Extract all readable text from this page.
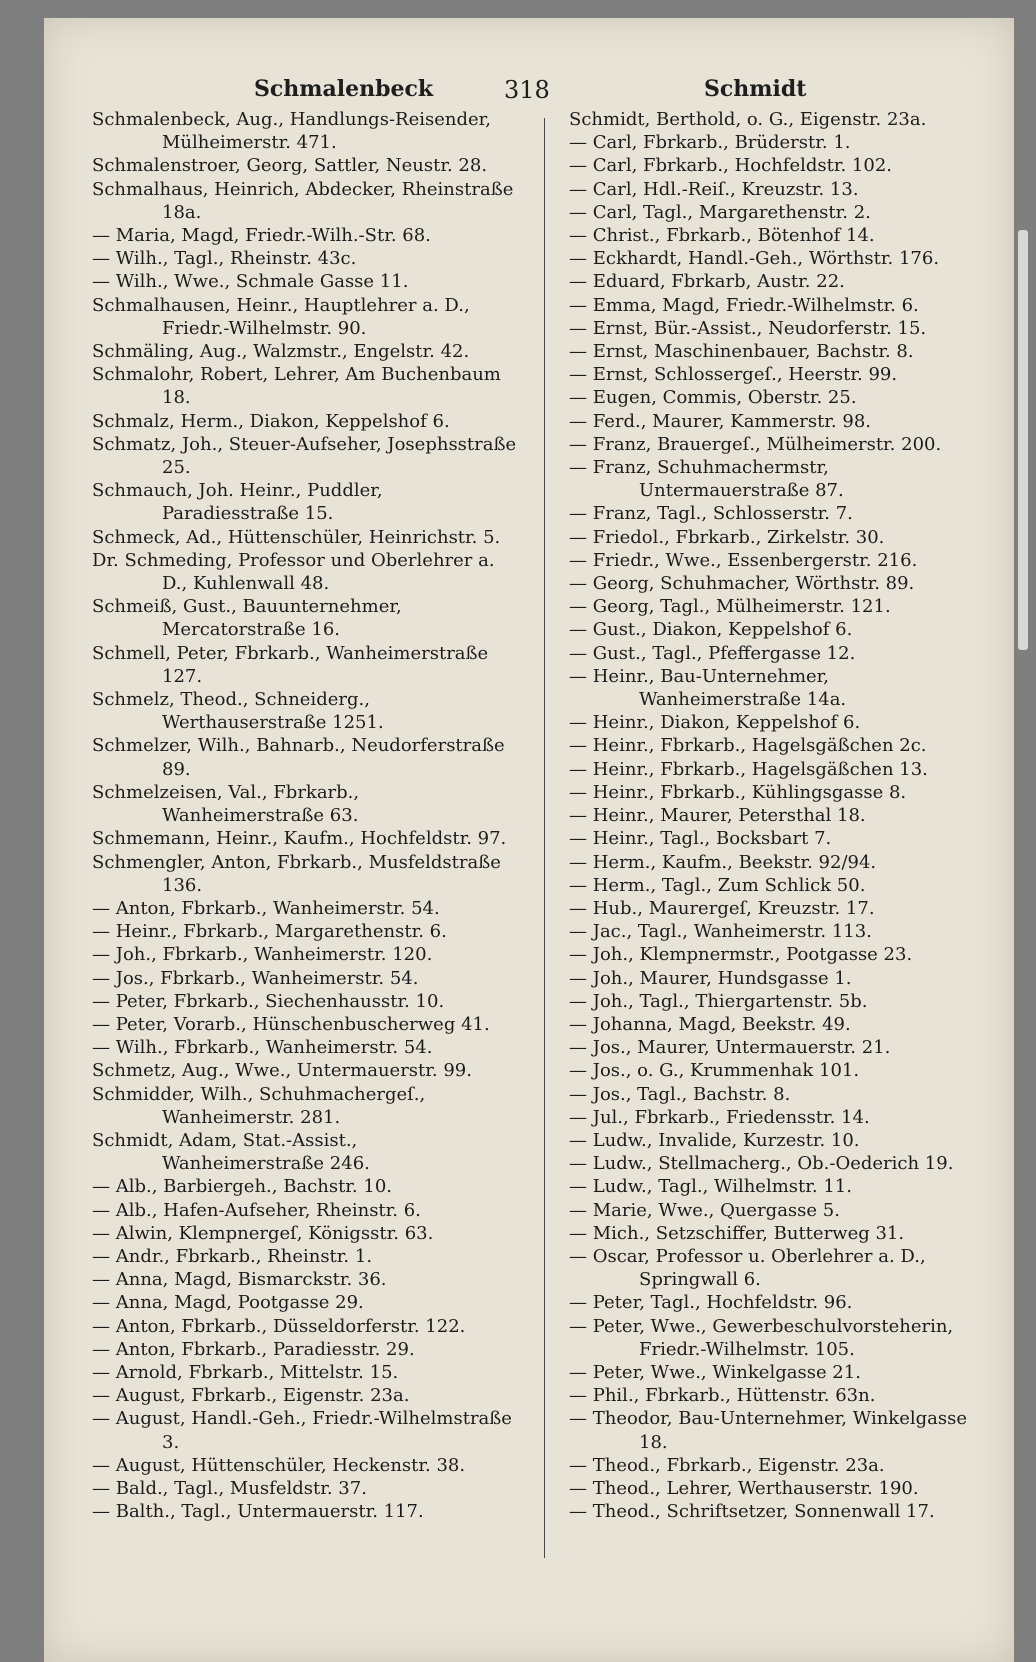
Schmalenbeck	318	Schmidt
Schmalenbeck, Aug., Handlungs-Reisender, Mülheimerstr. 471.
Schmalenstroer, Georg, Sattler, Neustr. 28.
Schmalhaus, Heinrich, Abdecker, Rheinstraße 18a.
— Maria, Magd, Friedr.-Wilh.-Str. 68.
— Wilh., Tagl., Rheinstr. 43c.
— Wilh., Wwe., Schmale Gasse 11.
Schmalhausen, Heinr., Hauptlehrer a. D., Friedr.-Wilhelmstr. 90.
Schmäling, Aug., Walzmstr., Engelstr. 42.
Schmalohr, Robert, Lehrer, Am Buchenbaum 18.
Schmalz, Herm., Diakon, Keppelshof 6.
Schmatz, Joh., Steuer-Aufseher, Josephsstraße 25.
Schmauch, Joh. Heinr., Puddler, Paradiesstraße 15.
Schmeck, Ad., Hüttenschüler, Heinrichstr. 5.
Dr. Schmeding, Professor und Oberlehrer a. D., Kuhlenwall 48.
Schmeiß, Gust., Bauunternehmer, Mercatorstraße 16.
Schmell, Peter, Fbrkarb., Wanheimerstraße 127.
Schmelz, Theod., Schneiderg., Werthauserstraße 1251.
Schmelzer, Wilh., Bahnarb., Neudorferstraße 89.
Schmelzeisen, Val., Fbrkarb., Wanheimerstraße 63.
Schmemann, Heinr., Kaufm., Hochfeldstr. 97.
Schmengler, Anton, Fbrkarb., Musfeldstraße 136.
— Anton, Fbrkarb., Wanheimerstr. 54.
— Heinr., Fbrkarb., Margarethenstr. 6.
— Joh., Fbrkarb., Wanheimerstr. 120.
— Jos., Fbrkarb., Wanheimerstr. 54.
— Peter, Fbrkarb., Siechenhausstr. 10.
— Peter, Vorarb., Hünschenbuscherweg 41.
— Wilh., Fbrkarb., Wanheimerstr. 54.
Schmetz, Aug., Wwe., Untermauerstr. 99.
Schmidder, Wilh., Schuhmachergeſ., Wanheimerstr. 281.
Schmidt, Adam, Stat.-Assist., Wanheimerstraße 246.
— Alb., Barbiergeh., Bachstr. 10.
— Alb., Hafen-Aufseher, Rheinstr. 6.
— Alwin, Klempnergeſ, Königsstr. 63.
— Andr., Fbrkarb., Rheinstr. 1.
— Anna, Magd, Bismarckstr. 36.
— Anna, Magd, Pootgasse 29.
— Anton, Fbrkarb., Düsseldorferstr. 122.
— Anton, Fbrkarb., Paradiesstr. 29.
— Arnold, Fbrkarb., Mittelstr. 15.
— August, Fbrkarb., Eigenstr. 23a.
— August, Handl.-Geh., Friedr.-Wilhelmstraße 3.
— August, Hüttenschüler, Heckenstr. 38.
— Bald., Tagl., Musfeldstr. 37.
— Balth., Tagl., Untermauerstr. 117.
Schmidt, Berthold, o. G., Eigenstr. 23a.
— Carl, Fbrkarb., Brüderstr. 1.
— Carl, Fbrkarb., Hochfeldstr. 102.
— Carl, Hdl.-Reiſ., Kreuzstr. 13.
— Carl, Tagl., Margarethenstr. 2.
— Christ., Fbrkarb., Bötenhof 14.
— Eckhardt, Handl.-Geh., Wörthstr. 176.
— Eduard, Fbrkarb, Austr. 22.
— Emma, Magd, Friedr.-Wilhelmstr. 6.
— Ernst, Bür.-Assist., Neudorferstr. 15.
— Ernst, Maschinenbauer, Bachstr. 8.
— Ernst, Schlossergeſ., Heerstr. 99.
— Eugen, Commis, Oberstr. 25.
— Ferd., Maurer, Kammerstr. 98.
— Franz, Brauergeſ., Mülheimerstr. 200.
— Franz, Schuhmachermstr, Untermauerstraße 87.
— Franz, Tagl., Schlosserstr. 7.
— Friedol., Fbrkarb., Zirkelstr. 30.
— Friedr., Wwe., Essenbergerstr. 216.
— Georg, Schuhmacher, Wörthstr. 89.
— Georg, Tagl., Mülheimerstr. 121.
— Gust., Diakon, Keppelshof 6.
— Gust., Tagl., Pfeffergasse 12.
— Heinr., Bau-Unternehmer, Wanheimerstraße 14a.
— Heinr., Diakon, Keppelshof 6.
— Heinr., Fbrkarb., Hagelsgäßchen 2c.
— Heinr., Fbrkarb., Hagelsgäßchen 13.
— Heinr., Fbrkarb., Kühlingsgasse 8.
— Heinr., Maurer, Petersthal 18.
— Heinr., Tagl., Bocksbart 7.
— Herm., Kaufm., Beekstr. 92/94.
— Herm., Tagl., Zum Schlick 50.
— Hub., Maurergeſ, Kreuzstr. 17.
— Jac., Tagl., Wanheimerstr. 113.
— Joh., Klempnermstr., Pootgasse 23.
— Joh., Maurer, Hundsgasse 1.
— Joh., Tagl., Thiergartenstr. 5b.
— Johanna, Magd, Beekstr. 49.
— Jos., Maurer, Untermauerstr. 21.
— Jos., o. G., Krummenhak 101.
— Jos., Tagl., Bachstr. 8.
— Jul., Fbrkarb., Friedensstr. 14.
— Ludw., Invalide, Kurzestr. 10.
— Ludw., Stellmacherg., Ob.-Oederich 19.
— Ludw., Tagl., Wilhelmstr. 11.
— Marie, Wwe., Quergasse 5.
— Mich., Setzschiffer, Butterweg 31.
— Oscar, Professor u. Oberlehrer a. D., Springwall 6.
— Peter, Tagl., Hochfeldstr. 96.
— Peter, Wwe., Gewerbeschulvorsteherin, Friedr.-Wilhelmstr. 105.
— Peter, Wwe., Winkelgasse 21.
— Phil., Fbrkarb., Hüttenstr. 63n.
— Theodor, Bau-Unternehmer, Winkelgasse 18.
— Theod., Fbrkarb., Eigenstr. 23a.
— Theod., Lehrer, Werthauserstr. 190.
— Theod., Schriftsetzer, Sonnenwall 17.
